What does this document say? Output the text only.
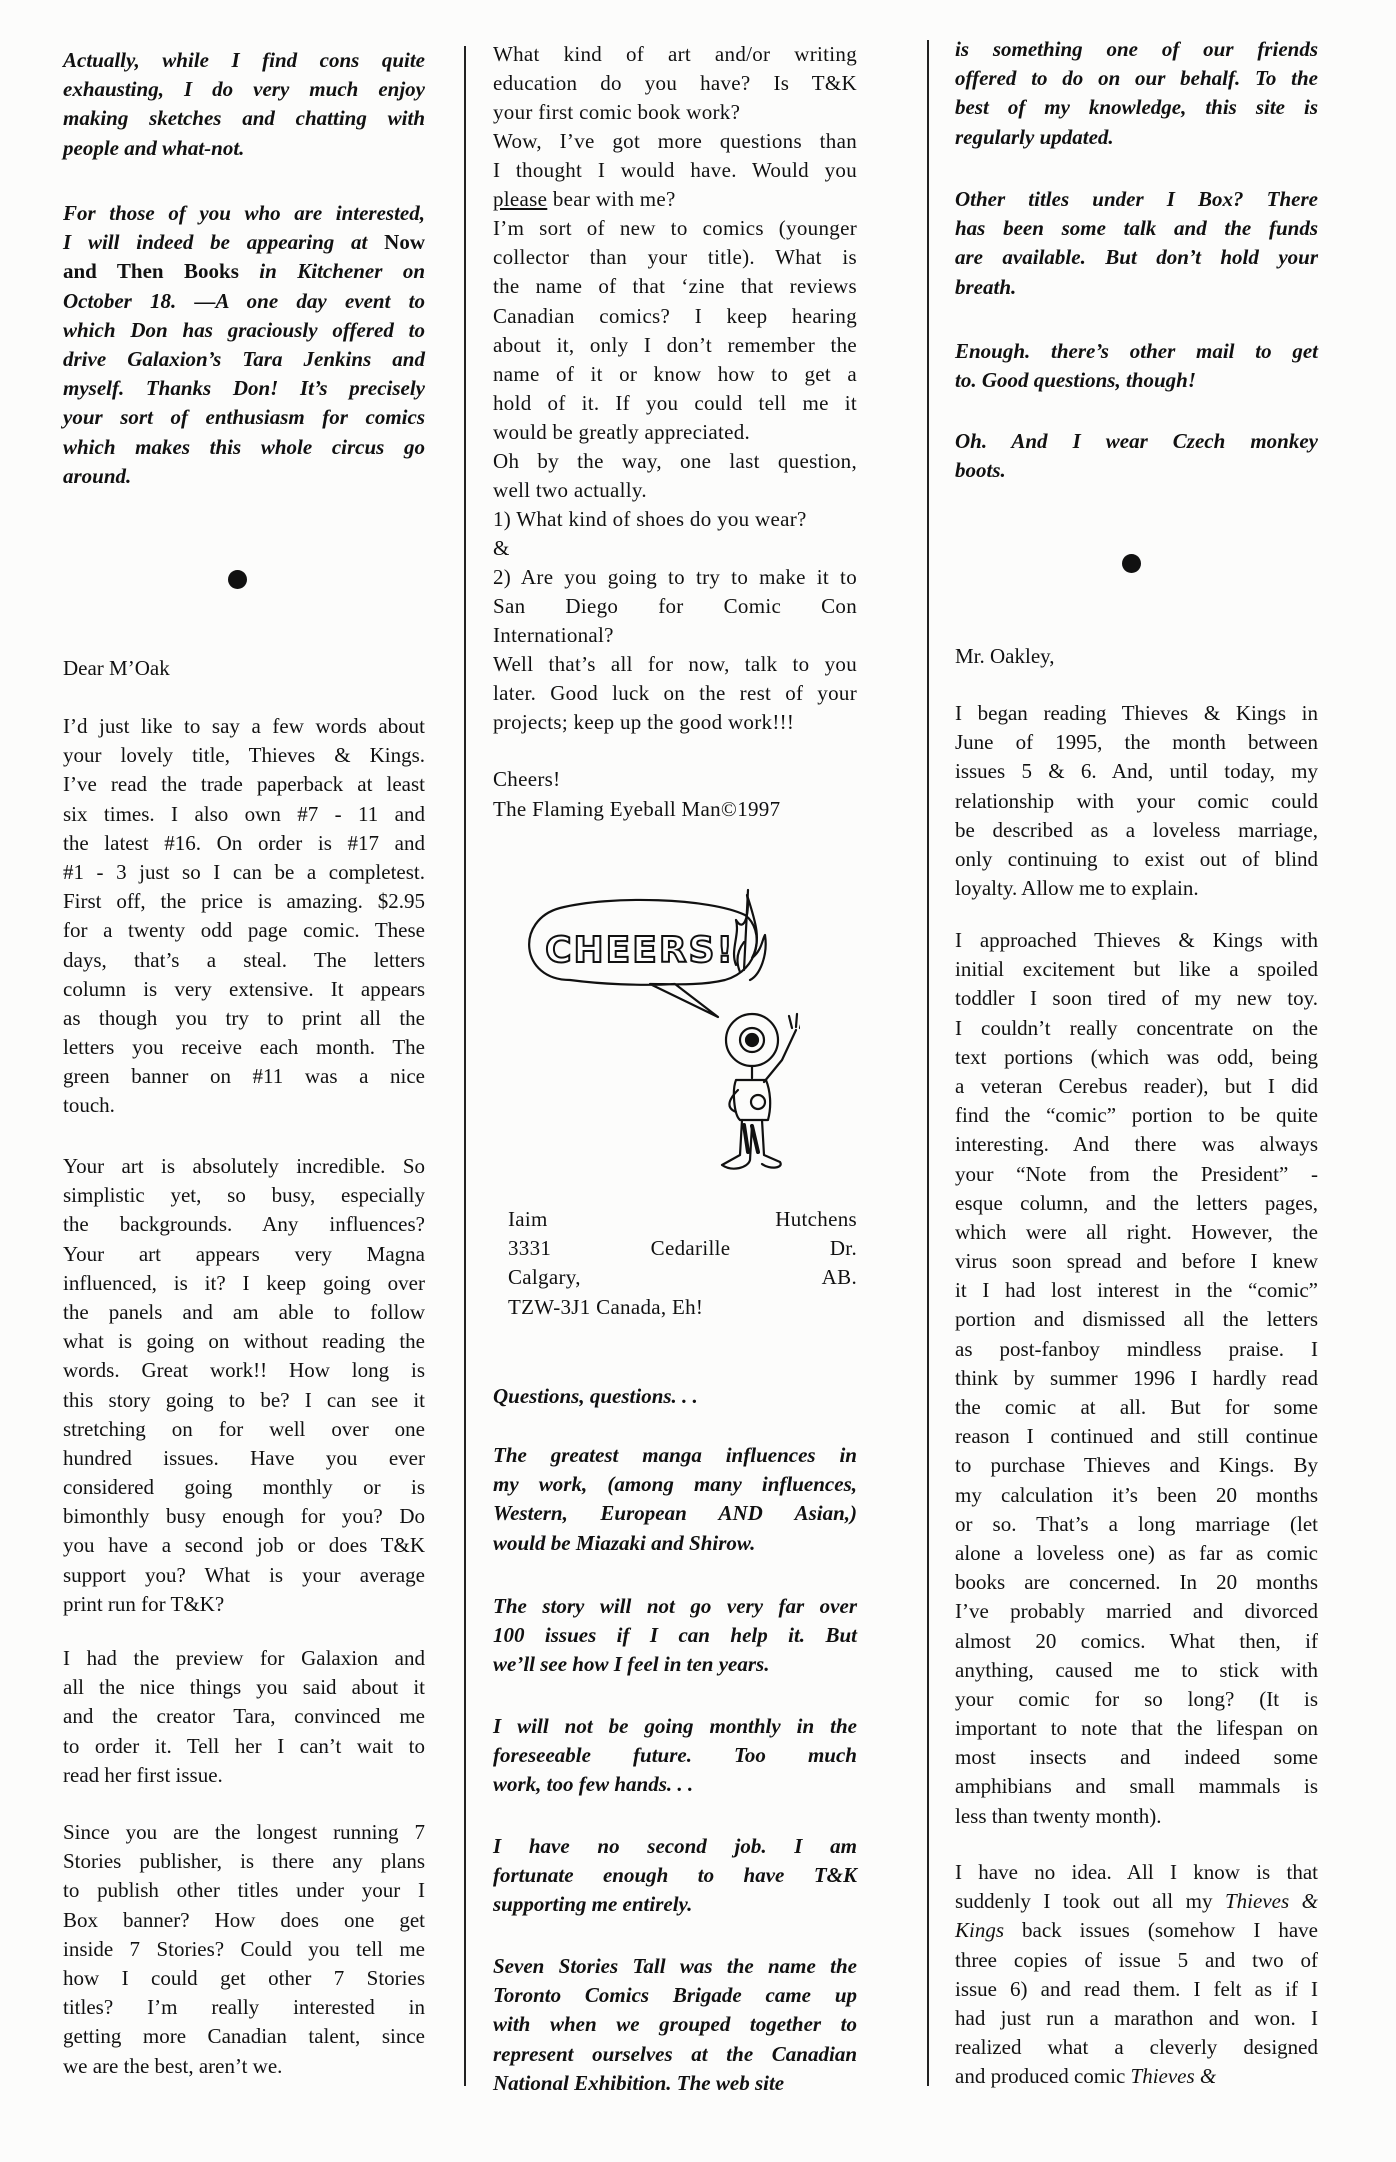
Actually, while I find cons quite
exhausting, I do very much enjoy
making sketches and chatting with
people and what-not.
For those of you who are interested,
I will indeed be appearing at Now
and Then Books in Kitchener on
October 18. —A one day event to
which Don has graciously offered to
drive Galaxion’s Tara Jenkins and
myself. Thanks Don! It’s precisely
your sort of enthusiasm for comics
which makes this whole circus go
around.
Dear M’Oak
I’d just like to say a few words about
your lovely title, Thieves & Kings.
I’ve read the trade paperback at least
six times. I also own #7 - 11 and
the latest #16. On order is #17 and
#1 - 3 just so I can be a completest.
First off, the price is amazing. $2.95
for a twenty odd page comic. These
days, that’s a steal. The letters
column is very extensive. It appears
as though you try to print all the
letters you receive each month. The
green banner on #11 was a nice
touch.
Your art is absolutely incredible. So
simplistic yet, so busy, especially
the backgrounds. Any influences?
Your art appears very Magna
influenced, is it? I keep going over
the panels and am able to follow
what is going on without reading the
words. Great work!! How long is
this story going to be? I can see it
stretching on for well over one
hundred issues. Have you ever
considered going monthly or is
bimonthly busy enough for you? Do
you have a second job or does T&K
support you? What is your average
print run for T&K?
I had the preview for Galaxion and
all the nice things you said about it
and the creator Tara, convinced me
to order it. Tell her I can’t wait to
read her first issue.
Since you are the longest running 7
Stories publisher, is there any plans
to publish other titles under your I
Box banner? How does one get
inside 7 Stories? Could you tell me
how I could get other 7 Stories
titles? I’m really interested in
getting more Canadian talent, since
we are the best, aren’t we.
What kind of art and/or writing
education do you have? Is T&K
your first comic book work?
Wow, I’ve got more questions than
I thought I would have. Would you
please bear with me?
I’m sort of new to comics (younger
collector than your title). What is
the name of that ‘zine that reviews
Canadian comics? I keep hearing
about it, only I don’t remember the
name of it or know how to get a
hold of it. If you could tell me it
would be greatly appreciated.
Oh by the way, one last question,
well two actually.
1) What kind of shoes do you wear?
&
2) Are you going to try to make it to
San Diego for Comic Con
International?
Well that’s all for now, talk to you
later. Good luck on the rest of your
projects; keep up the good work!!!
Cheers!
The Flaming Eyeball Man©1997
Iaim Hutchens
3331 Cedarille Dr.
Calgary, AB.
TZW-3J1 Canada, Eh!
Questions, questions. . .
The greatest manga influences in
my work, (among many influences,
Western, European AND Asian,)
would be Miazaki and Shirow.
The story will not go very far over
100 issues if I can help it. But
we’ll see how I feel in ten years.
I will not be going monthly in the
foreseeable future. Too much
work, too few hands. . .
I have no second job. I am
fortunate enough to have T&K
supporting me entirely.
Seven Stories Tall was the name the
Toronto Comics Brigade came up
with when we grouped together to
represent ourselves at the Canadian
National Exhibition. The web site
is something one of our friends
offered to do on our behalf. To the
best of my knowledge, this site is
regularly updated.
Other titles under I Box? There
has been some talk and the funds
are available. But don’t hold your
breath.
Enough. there’s other mail to get
to. Good questions, though!
Oh. And I wear Czech monkey
boots.
Mr. Oakley,
I began reading Thieves & Kings in
June of 1995, the month between
issues 5 & 6. And, until today, my
relationship with your comic could
be described as a loveless marriage,
only continuing to exist out of blind
loyalty. Allow me to explain.
I approached Thieves & Kings with
initial excitement but like a spoiled
toddler I soon tired of my new toy.
I couldn’t really concentrate on the
text portions (which was odd, being
a veteran Cerebus reader), but I did
find the “comic” portion to be quite
interesting. And there was always
your “Note from the President” -
esque column, and the letters pages,
which were all right. However, the
virus soon spread and before I knew
it I had lost interest in the “comic”
portion and dismissed all the letters
as post-fanboy mindless praise. I
think by summer 1996 I hardly read
the comic at all. But for some
reason I continued and still continue
to purchase Thieves and Kings. By
my calculation it’s been 20 months
or so. That’s a long marriage (let
alone a loveless one) as far as comic
books are concerned. In 20 months
I’ve probably married and divorced
almost 20 comics. What then, if
anything, caused me to stick with
your comic for so long? (It is
important to note that the lifespan on
most insects and indeed some
amphibians and small mammals is
less than twenty month).
I have no idea. All I know is that
suddenly I took out all my Thieves &
Kings back issues (somehow I have
three copies of issue 5 and two of
issue 6) and read them. I felt as if I
had just run a marathon and won. I
realized what a cleverly designed
and produced comic Thieves &
CHEERS!
